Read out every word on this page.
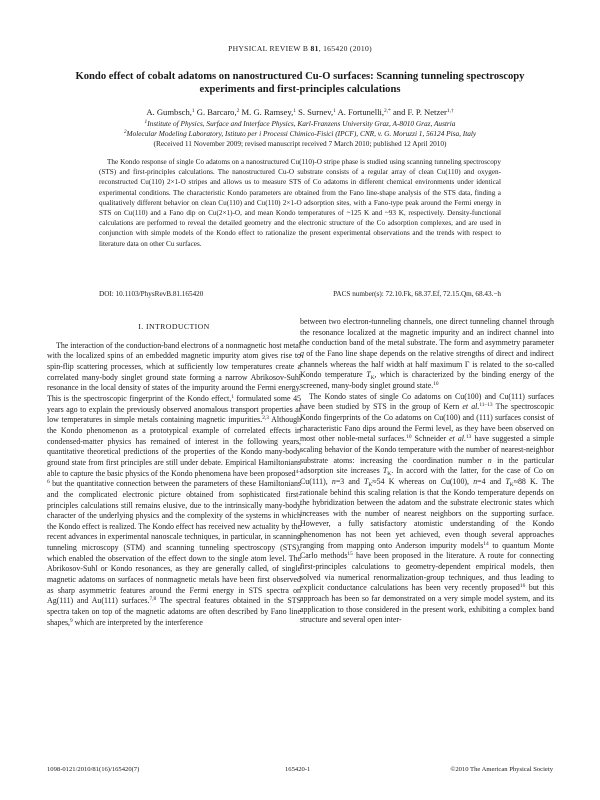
PHYSICAL REVIEW B 81, 165420 (2010)
Kondo effect of cobalt adatoms on nanostructured Cu-O surfaces: Scanning tunneling spectroscopy experiments and first-principles calculations

A. Gumbsch,$^1$ G. Barcaro,$^2$ M. G. Ramsey,$^1$ S. Surnev,$^1$ A. Fortunelli,$^{2,*}$ and F. P. Netzer$^{1,\dagger}$

$^1$Institute of Physics, Surface and Interface Physics, Karl-Franzens University Graz, A-8010 Graz, Austria

$^2$Molecular Modeling Laboratory, Istituto per i Processi Chimico-Fisici (IPCF), CNR, v. G. Moruzzi 1, 56124 Pisa, Italy

(Received 11 November 2009; revised manuscript received 7 March 2010; published 12 April 2010)

The Kondo response of single Co adatoms on a nanostructured Cu(110)-O stripe phase is studied using scanning tunneling spectroscopy (STS) and first-principles calculations. The nanostructured Cu-O substrate consists of a regular array of clean Cu(110) and oxygen-reconstructed Cu(110) 2×1-O stripes and allows us to measure STS of Co adatoms in different chemical environments under identical experimental conditions. The characteristic Kondo parameters are obtained from the Fano line-shape analysis of the STS data, finding a qualitatively different behavior on clean Cu(110) and Cu(110) 2×1-O adsorption sites, with a Fano-type peak around the Fermi energy in STS on Cu(110) and a Fano dip on Cu(2×1)-O, and mean Kondo temperatures of ~125 K and ~93 K, respectively. Density-functional calculations are performed to reveal the detailed geometry and the electronic structure of the Co adsorption complexes, and are used in conjunction with simple models of the Kondo effect to rationalize the present experimental observations and the trends with respect to literature data on other Cu surfaces.

DOI: 10.1103/PhysRevB.81.165420	PACS number(s): 72.10.Fk, 68.37.Ef, 72.15.Qm, 68.43.−h
I. INTRODUCTION

The interaction of the conduction-band electrons of a nonmagnetic host metal with the localized spins of an embedded magnetic impurity atom gives rise to spin-flip scattering processes, which at sufficiently low temperatures create a correlated many-body singlet ground state forming a narrow Abrikosov-Suhl resonance in the local density of states of the impurity around the Fermi energy. This is the spectroscopic fingerprint of the Kondo effect,$^1$ formulated some 45 years ago to explain the previously observed anomalous transport properties at low temperatures in simple metals containing magnetic impurities.$^{2,3}$ Although the Kondo phenomenon as a prototypical example of correlated effects in condensed-matter physics has remained of interest in the following years, quantitative theoretical predictions of the properties of the Kondo many-body ground state from first principles are still under debate. Empirical Hamiltonians able to capture the basic physics of the Kondo phenomena have been proposed$^{4-6}$ but the quantitative connection between the parameters of these Hamiltonians and the complicated electronic picture obtained from sophisticated first-principles calculations still remains elusive, due to the intrinsically many-body character of the underlying physics and the complexity of the systems in which the Kondo effect is realized. The Kondo effect has received new actuality by the recent advances in experimental nanoscale techniques, in particular, in scanning tunneling microscopy (STM) and scanning tunneling spectroscopy (STS), which enabled the observation of the effect down to the single atom level. The Abrikosov-Suhl or Kondo resonances, as they are generally called, of single magnetic adatoms on surfaces of nonmagnetic metals have been first observed as sharp asymmetric features around the Fermi energy in STS spectra on Ag(111) and Au(111) surfaces.$^{7,8}$ The spectral features obtained in the STS spectra taken on top of the magnetic adatoms are often described by Fano line shapes,$^9$ which are interpreted by the interference

between two electron-tunneling channels, one direct tunneling channel through the resonance localized at the magnetic impurity and an indirect channel into the conduction band of the metal substrate. The form and asymmetry parameter q of the Fano line shape depends on the relative strengths of direct and indirect channels whereas the half width at half maximum Γ is related to the so-called Kondo temperature $T_K$, which is characterized by the binding energy of the screened, many-body singlet ground state.$^{10}$

The Kondo states of single Co adatoms on Cu(100) and Cu(111) surfaces have been studied by STS in the group of Kern et al.$^{11-13}$ The spectroscopic Kondo fingerprints of the Co adatoms on Cu(100) and (111) surfaces consist of characteristic Fano dips around the Fermi level, as they have been observed on most other noble-metal surfaces.$^{10}$ Schneider et al.$^{13}$ have suggested a simple scaling behavior of the Kondo temperature with the number of nearest-neighbor substrate atoms: increasing the coordination number n in the particular adsorption site increases $T_K$. In accord with the latter, for the case of Co on Cu(111), n=3 and $T_K\approx 54$ K whereas on Cu(100), n=4 and $T_K\approx 88$ K. The rationale behind this scaling relation is that the Kondo temperature depends on the hybridization between the adatom and the substrate electronic states which increases with the number of nearest neighbors on the supporting surface. However, a fully satisfactory atomistic understanding of the Kondo phenomenon has not been yet achieved, even though several approaches ranging from mapping onto Anderson impurity models$^{14}$ to quantum Monte Carlo methods$^{15}$ have been proposed in the literature. A route for connecting first-principles calculations to geometry-dependent empirical models, then solved via numerical renormalization-group techniques, and thus leading to explicit conductance calculations has been very recently proposed$^{16}$ but this approach has been so far demonstrated on a very simple model system, and its application to those considered in the present work, exhibiting a complex band structure and several open inter-

1098-0121/2010/81(16)/165420(7)	165420-1	©2010 The American Physical Society
